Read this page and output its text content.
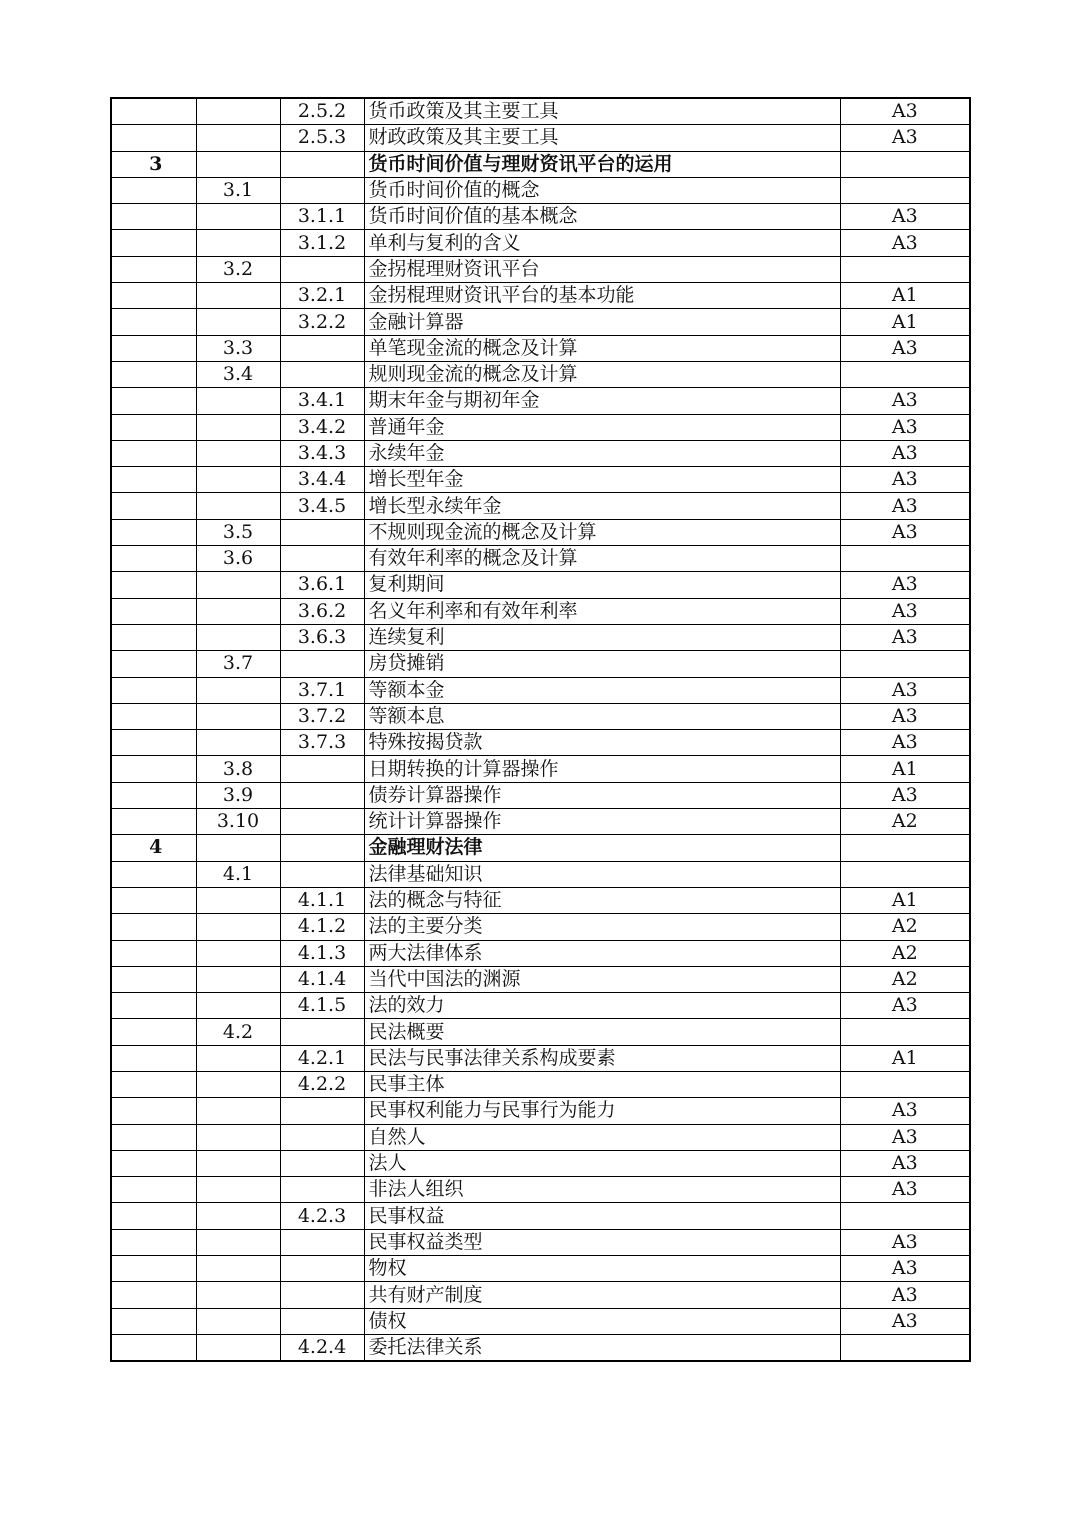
		2.5.2	货币政策及其主要工具	A3
		2.5.3	财政政策及其主要工具	A3
3			货币时间价值与理财资讯平台的运用	
	3.1		货币时间价值的概念	
		3.1.1	货币时间价值的基本概念	A3
		3.1.2	单利与复利的含义	A3
	3.2		金拐棍理财资讯平台	
		3.2.1	金拐棍理财资讯平台的基本功能	A1
		3.2.2	金融计算器	A1
	3.3		单笔现金流的概念及计算	A3
	3.4		规则现金流的概念及计算	
		3.4.1	期末年金与期初年金	A3
		3.4.2	普通年金	A3
		3.4.3	永续年金	A3
		3.4.4	增长型年金	A3
		3.4.5	增长型永续年金	A3
	3.5		不规则现金流的概念及计算	A3
	3.6		有效年利率的概念及计算	
		3.6.1	复利期间	A3
		3.6.2	名义年利率和有效年利率	A3
		3.6.3	连续复利	A3
	3.7		房贷摊销	
		3.7.1	等额本金	A3
		3.7.2	等额本息	A3
		3.7.3	特殊按揭贷款	A3
	3.8		日期转换的计算器操作	A1
	3.9		债券计算器操作	A3
	3.10		统计计算器操作	A2
4			金融理财法律	
	4.1		法律基础知识	
		4.1.1	法的概念与特征	A1
		4.1.2	法的主要分类	A2
		4.1.3	两大法律体系	A2
		4.1.4	当代中国法的渊源	A2
		4.1.5	法的效力	A3
	4.2		民法概要	
		4.2.1	民法与民事法律关系构成要素	A1
		4.2.2	民事主体	
			民事权利能力与民事行为能力	A3
			自然人	A3
			法人	A3
			非法人组织	A3
		4.2.3	民事权益	
			民事权益类型	A3
			物权	A3
			共有财产制度	A3
			债权	A3
		4.2.4	委托法律关系	
